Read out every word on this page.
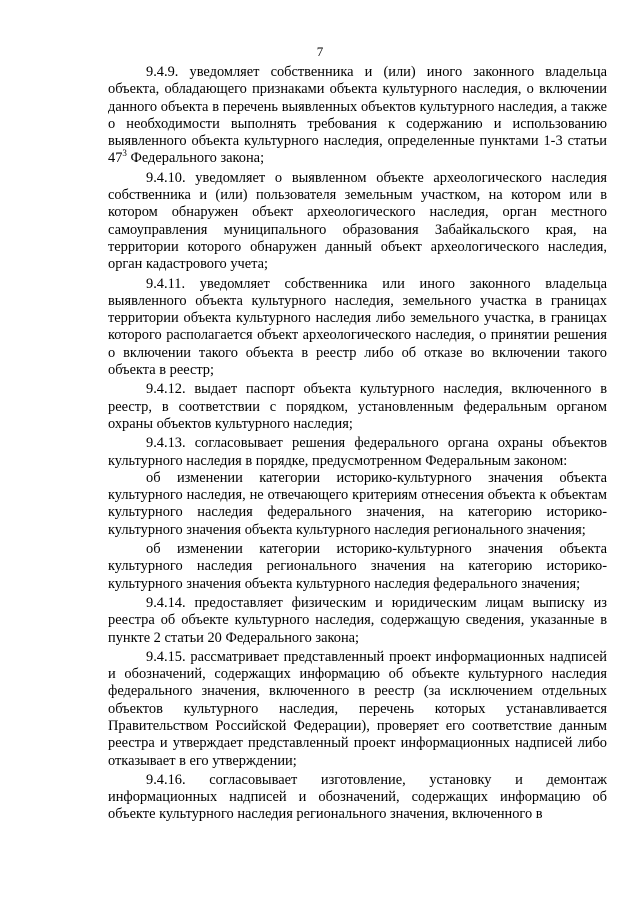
7

9.4.9. уведомляет собственника и (или) иного законного владельца объекта, обладающего признаками объекта культурного наследия, о включении данного объекта в перечень выявленных объектов культурного наследия, а также о необходимости выполнять требования к содержанию и использованию выявленного объекта культурного наследия, определенные пунктами 1-3 статьи $47^3$ Федерального закона;

9.4.10. уведомляет о выявленном объекте археологического наследия собственника и (или) пользователя земельным участком, на котором или в котором обнаружен объект археологического наследия, орган местного самоуправления муниципального образования Забайкальского края, на территории которого обнаружен данный объект археологического наследия, орган кадастрового учета;

9.4.11. уведомляет собственника или иного законного владельца выявленного объекта культурного наследия, земельного участка в границах территории объекта культурного наследия либо земельного участка, в границах которого располагается объект археологического наследия, о принятии решения о включении такого объекта в реестр либо об отказе во включении такого объекта в реестр;

9.4.12. выдает паспорт объекта культурного наследия, включенного в реестр, в соответствии с порядком, установленным федеральным органом охраны объектов культурного наследия;

9.4.13. согласовывает решения федерального органа охраны объектов культурного наследия в порядке, предусмотренном Федеральным законом:

об изменении категории историко-культурного значения объекта культурного наследия, не отвечающего критериям отнесения объекта к объектам культурного наследия федерального значения, на категорию историко-культурного значения объекта культурного наследия регионального значения;

об изменении категории историко-культурного значения объекта культурного наследия регионального значения на категорию историко-культурного значения объекта культурного наследия федерального значения;

9.4.14. предоставляет физическим и юридическим лицам выписку из реестра об объекте культурного наследия, содержащую сведения, указанные в пункте 2 статьи 20 Федерального закона;

9.4.15. рассматривает представленный проект информационных надписей и обозначений, содержащих информацию об объекте культурного наследия федерального значения, включенного в реестр (за исключением отдельных объектов культурного наследия, перечень которых устанавливается Правительством Российской Федерации), проверяет его соответствие данным реестра и утверждает представленный проект информационных надписей либо отказывает в его утверждении;

9.4.16. согласовывает изготовление, установку и демонтаж информационных надписей и обозначений, содержащих информацию об объекте культурного наследия регионального значения, включенного в
